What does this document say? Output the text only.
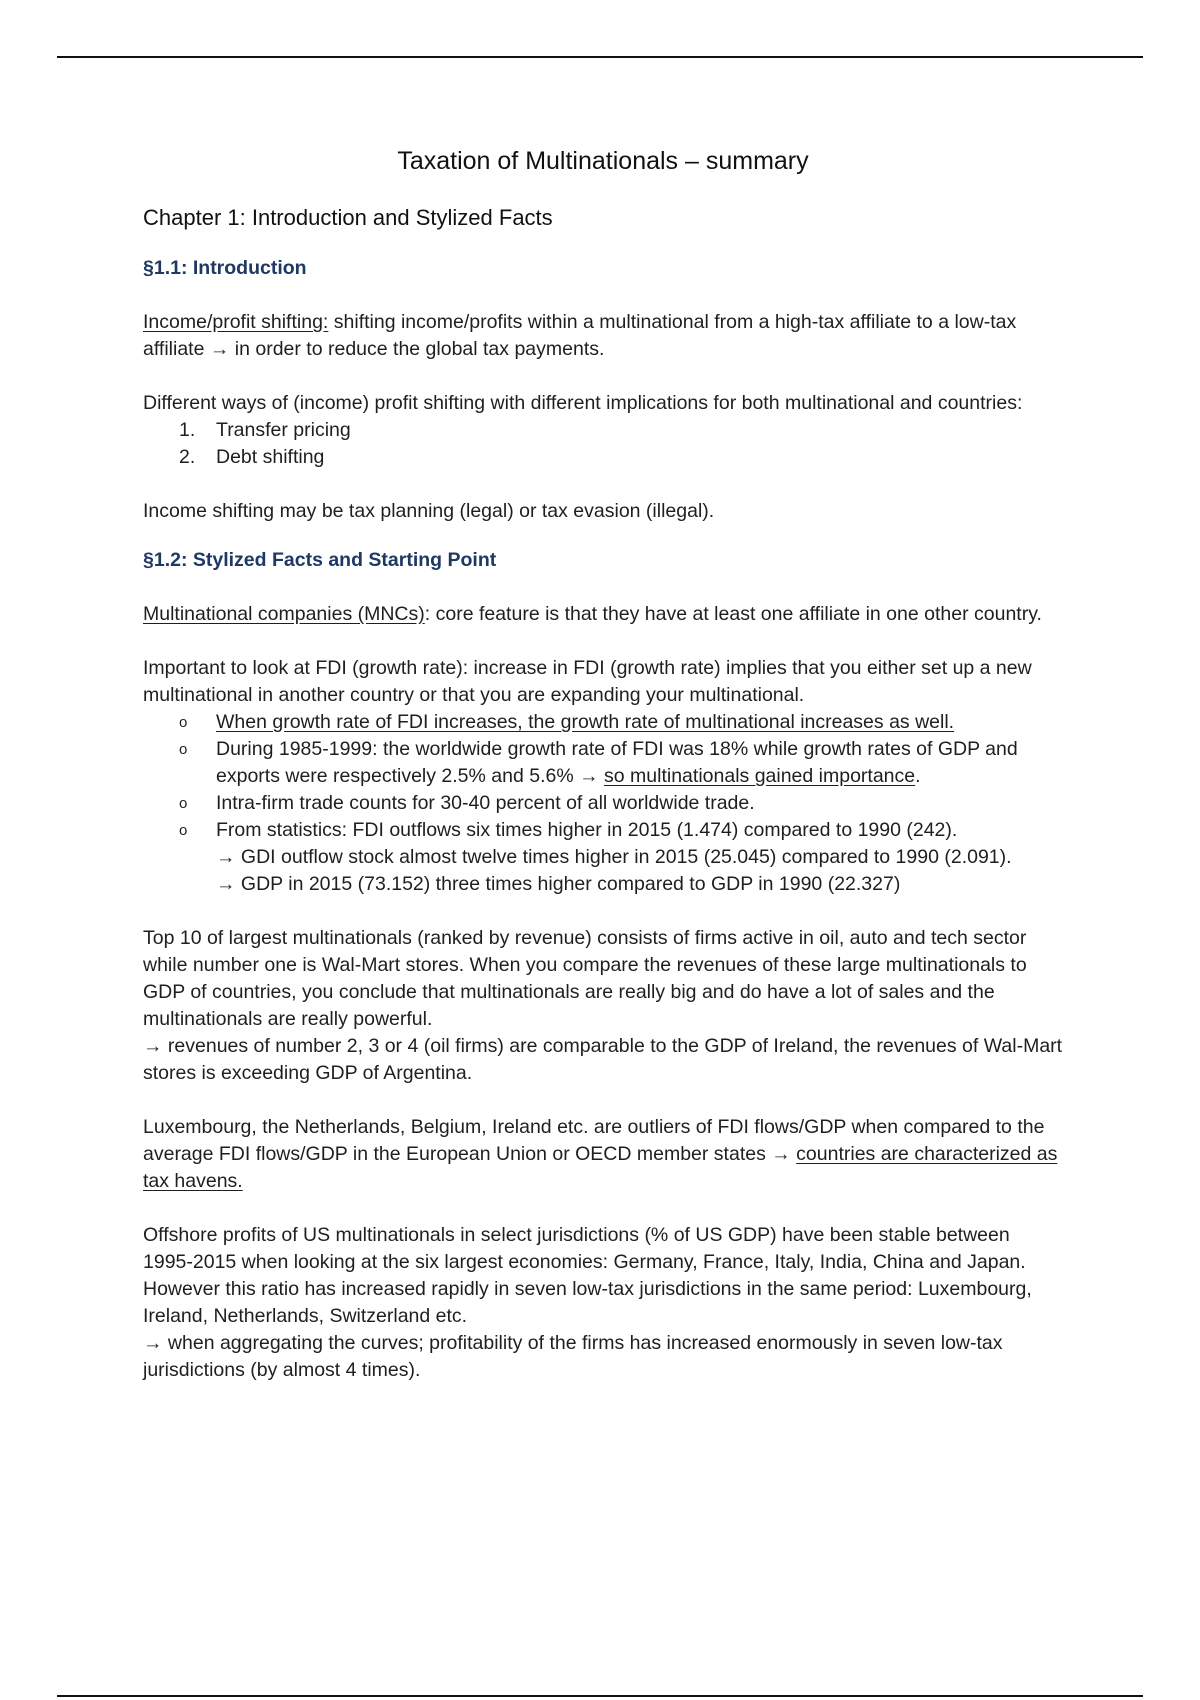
Taxation of Multinationals – summary
Chapter 1: Introduction and Stylized Facts
§1.1: Introduction

Income/profit shifting: shifting income/profits within a multinational from a high-tax affiliate to a low-tax affiliate → in order to reduce the global tax payments.

Different ways of (income) profit shifting with different implications for both multinational and countries:

1.	Transfer pricing
2.	Debt shifting

Income shifting may be tax planning (legal) or tax evasion (illegal).

§1.2: Stylized Facts and Starting Point

Multinational companies (MNCs): core feature is that they have at least one affiliate in one other country.

Important to look at FDI (growth rate): increase in FDI (growth rate) implies that you either set up a new multinational in another country or that you are expanding your multinational.

o	When growth rate of FDI increases, the growth rate of multinational increases as well.
o	During 1985-1999: the worldwide growth rate of FDI was 18% while growth rates of GDP and exports were respectively 2.5% and 5.6% → so multinationals gained importance.
o	Intra-firm trade counts for 30-40 percent of all worldwide trade.
o	From statistics: FDI outflows six times higher in 2015 (1.474) compared to 1990 (242).
→ GDI outflow stock almost twelve times higher in 2015 (25.045) compared to 1990 (2.091).
→ GDP in 2015 (73.152) three times higher compared to GDP in 1990 (22.327)

Top 10 of largest multinationals (ranked by revenue) consists of firms active in oil, auto and tech sector while number one is Wal-Mart stores. When you compare the revenues of these large multinationals to GDP of countries, you conclude that multinationals are really big and do have a lot of sales and the multinationals are really powerful.
→ revenues of number 2, 3 or 4 (oil firms) are comparable to the GDP of Ireland, the revenues of Wal-Mart stores is exceeding GDP of Argentina.

Luxembourg, the Netherlands, Belgium, Ireland etc. are outliers of FDI flows/GDP when compared to the average FDI flows/GDP in the European Union or OECD member states → countries are characterized as tax havens.

Offshore profits of US multinationals in select jurisdictions (% of US GDP) have been stable between 1995-2015 when looking at the six largest economies: Germany, France, Italy, India, China and Japan. However this ratio has increased rapidly in seven low-tax jurisdictions in the same period: Luxembourg, Ireland, Netherlands, Switzerland etc.
→ when aggregating the curves; profitability of the firms has increased enormously in seven low-tax jurisdictions (by almost 4 times).
